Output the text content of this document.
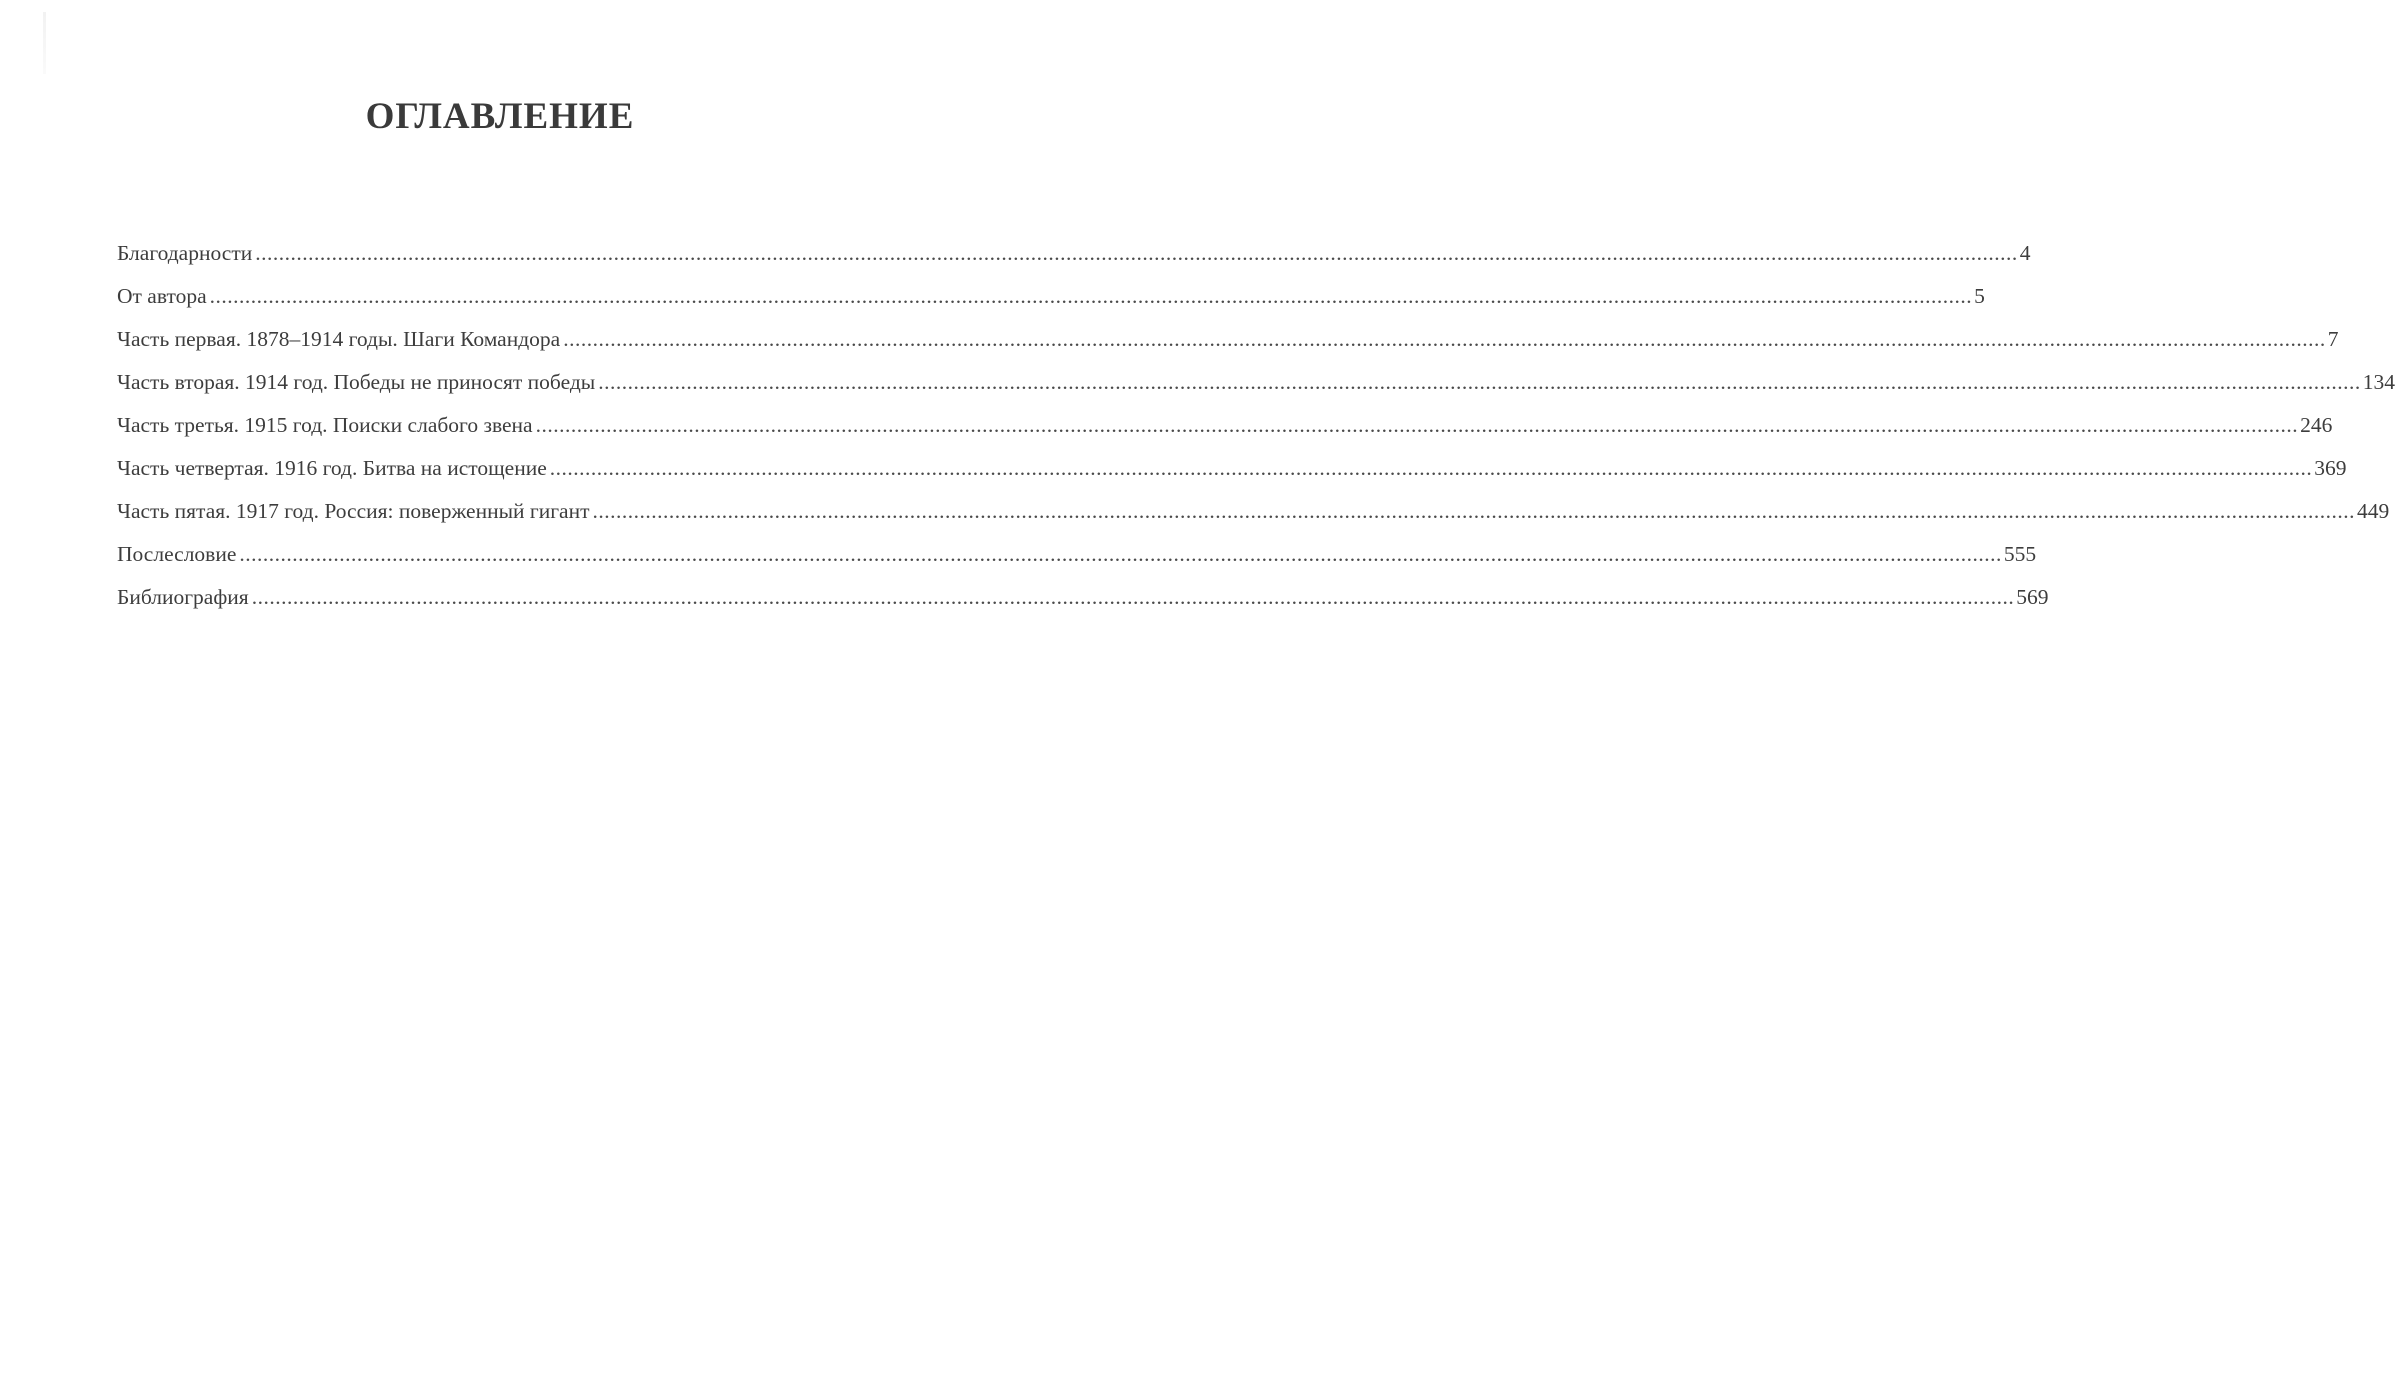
ОГЛАВЛЕНИЕ
Благодарности ............................................................................................................................................................................................................................................................................................................ 4
От автора ............................................................................................................................................................................................................................................................................................................ 5
Часть первая. 1878–1914 годы. Шаги Командора ............................................................................................................................................................................................................................................................................................................ 7
Часть вторая. 1914 год. Победы не приносят победы ............................................................................................................................................................................................................................................................................................................ 134
Часть третья. 1915 год. Поиски слабого звена ............................................................................................................................................................................................................................................................................................................ 246
Часть четвертая. 1916 год. Битва на истощение ............................................................................................................................................................................................................................................................................................................ 369
Часть пятая. 1917 год. Россия: поверженный гигант ............................................................................................................................................................................................................................................................................................................ 449
Послесловие ............................................................................................................................................................................................................................................................................................................ 555
Библиография ............................................................................................................................................................................................................................................................................................................ 569
